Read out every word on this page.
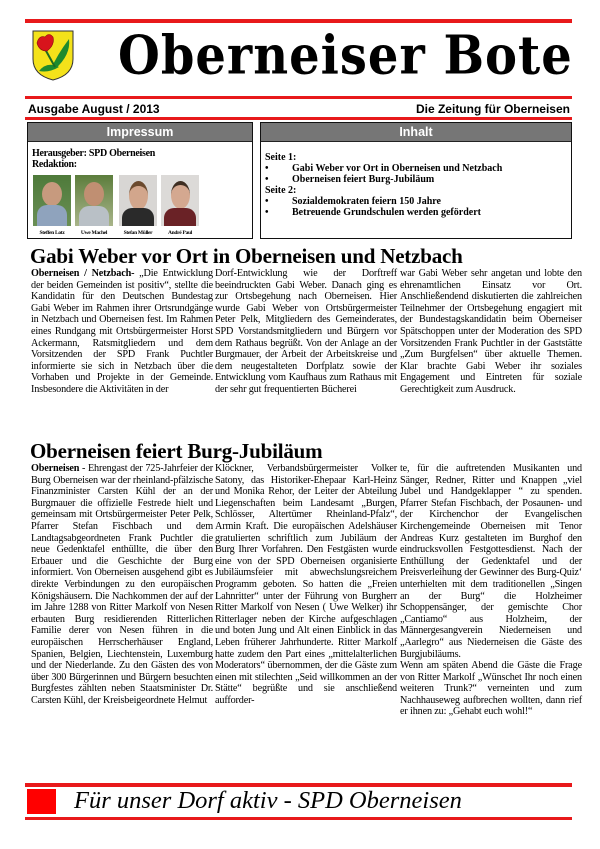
Oberneiser Bote
Ausgabe August / 2013	Die Zeitung für Oberneisen
Impressum
Herausgeber: SPD Oberneisen
Redaktion:
Steffen Lotz	Uwe Machel	Stefan Müller	André Paul
Inhalt
Seite 1:
•	Gabi Weber vor Ort in Oberneisen und Netzbach
•	Oberneisen feiert Burg-Jubiläum
Seite 2:
•	Sozialdemokraten feiern 150 Jahre
•	Betreuende Grundschulen werden gefördert
Gabi Weber vor Ort in Oberneisen und Netzbach
Oberneisen / Netzbach- „Die Entwicklung der beiden Gemeinden ist positiv“, stellte die Kandidatin für den Deutschen Bundestag Gabi Weber im Rahmen ihrer Ortsrundgänge in Netzbach und Oberneisen fest. Im Rahmen eines Rundgang mit Ortsbürgermeister Horst Ackermann, Ratsmitgliedern und dem Vorsitzenden der SPD Frank Puchtler informierte sie sich in Netzbach über die Vorhaben und Projekte in der Gemeinde. Insbesondere die Aktivitäten in der
Dorf-Entwicklung wie der Dorftreff beeindruckten Gabi Weber. Danach ging es zur Ortsbegehung nach Oberneisen. Hier wurde Gabi Weber von Ortsbürgermeister Peter Pelk, Mitgliedern des Gemeinderates, SPD Vorstandsmitgliedern und Bürgern vor dem Rathaus begrüßt. Von der Anlage an der Burgmauer, der Arbeit der Arbeitskreise und dem neugestalteten Dorfplatz sowie der Entwicklung vom Kaufhaus zum Rathaus mit der sehr gut frequentierten Bücherei
war Gabi Weber sehr angetan und lobte den ehrenamtlichen Einsatz vor Ort. Anschließendend diskutierten die zahlreichen Teilnehmer der Ortsbegehung engagiert mit der Bundestagskandidatin beim Oberneiser Spätschoppen unter der Moderation des SPD Vorsitzenden Frank Puchtler in der Gaststätte „Zum Burgfelsen“ über aktuelle Themen. Klar brachte Gabi Weber ihr soziales Engagement und Eintreten für soziale Gerechtigkeit zum Ausdruck.
Oberneisen feiert Burg-Jubiläum
Oberneisen - Ehrengast der 725-Jahrfeier der Burg Oberneisen war der rheinland-pfälzische Finanzminister Carsten Kühl der an der Burgmauer die offizielle Festrede hielt und gemeinsam mit Ortsbürgermeister Peter Pelk, Pfarrer Stefan Fischbach und dem Landtagsabgeordneten Frank Puchtler die neue Gedenktafel enthüllte, die über den Erbauer und die Geschichte der Burg informiert. Von Oberneisen ausgehend gibt es direkte Verbindungen zu den europäischen Königshäusern. Die Nachkommen der auf der im Jahre 1288 von Ritter Markolf von Nesen erbauten Burg residierenden Ritterlichen Familie derer von Nesen führen in die europäischen Herrscherhäuser England, Spanien, Belgien, Liechtenstein, Luxemburg und der Niederlande. Zu den Gästen des von über 300 Bürgerinnen und Bürgern besuchten Burgfestes zählten neben Staatsminister Dr. Carsten Kühl, der Kreisbeigeordnete Helmut
Klöckner, Verbandsbürgermeister Volker Satony, das Historiker-Ehepaar Karl-Heinz und Monika Rehor, der Leiter der Abteilung Liegenschaften beim Landesamt „Burgen, Schlösser, Altertümer Rheinland-Pfalz“, Armin Kraft. Die europäischen Adelshäuser gratulierten schriftlich zum Jubiläum der Burg Ihrer Vorfahren. Den Festgästen wurde eine von der SPD Oberneisen organisierte Jubiläumsfeier mit abwechslungsreichem Programm geboten. So hatten die „Freien Lahnritter“ unter der Führung von Burgherr Ritter Markolf von Nesen ( Uwe Welker) ihr Ritterlager neben der Kirche aufgeschlagen und boten Jung und Alt einen Einblick in das Leben früherer Jahrhunderte. Ritter Markolf hatte zudem den Part eines „mittelalterlichen Moderators“ übernommen, der die Gäste zum einen mit stilechten „Seid willkommen an der Stätte“ begrüßte und sie anschließend aufforder-
te, für die auftretenden Musikanten und Sänger, Redner, Ritter und Knappen „viel Jubel und Handgeklapper “ zu spenden. Pfarrer Stefan Fischbach, der Posaunen- und der Kirchenchor der Evangelischen Kirchengemeinde Oberneisen mit Tenor Andreas Kurz gestalteten im Burghof den eindrucksvollen Festgottesdienst. Nach der Enthüllung der Gedenktafel und der Preisverleihung der Gewinner des Burg-Quiz‘ unterhielten mit dem traditionellen „Singen an der Burg“ die Holzheimer Schoppensänger, der gemischte Chor „Cantiamo“ aus Holzheim, der Männergesangverein Niederneisen und „Aarlegro“ aus Niederneisen die Gäste des Burgjubiläums.
Wenn am späten Abend die Gäste die Frage von Ritter Markolf „Wünschet Ihr noch einen weiteren Trunk?“ verneinten und zum Nachhauseweg aufbrechen wollten, dann rief er ihnen zu: „Gehabt euch wohl!“
Für unser Dorf aktiv - SPD Oberneisen
